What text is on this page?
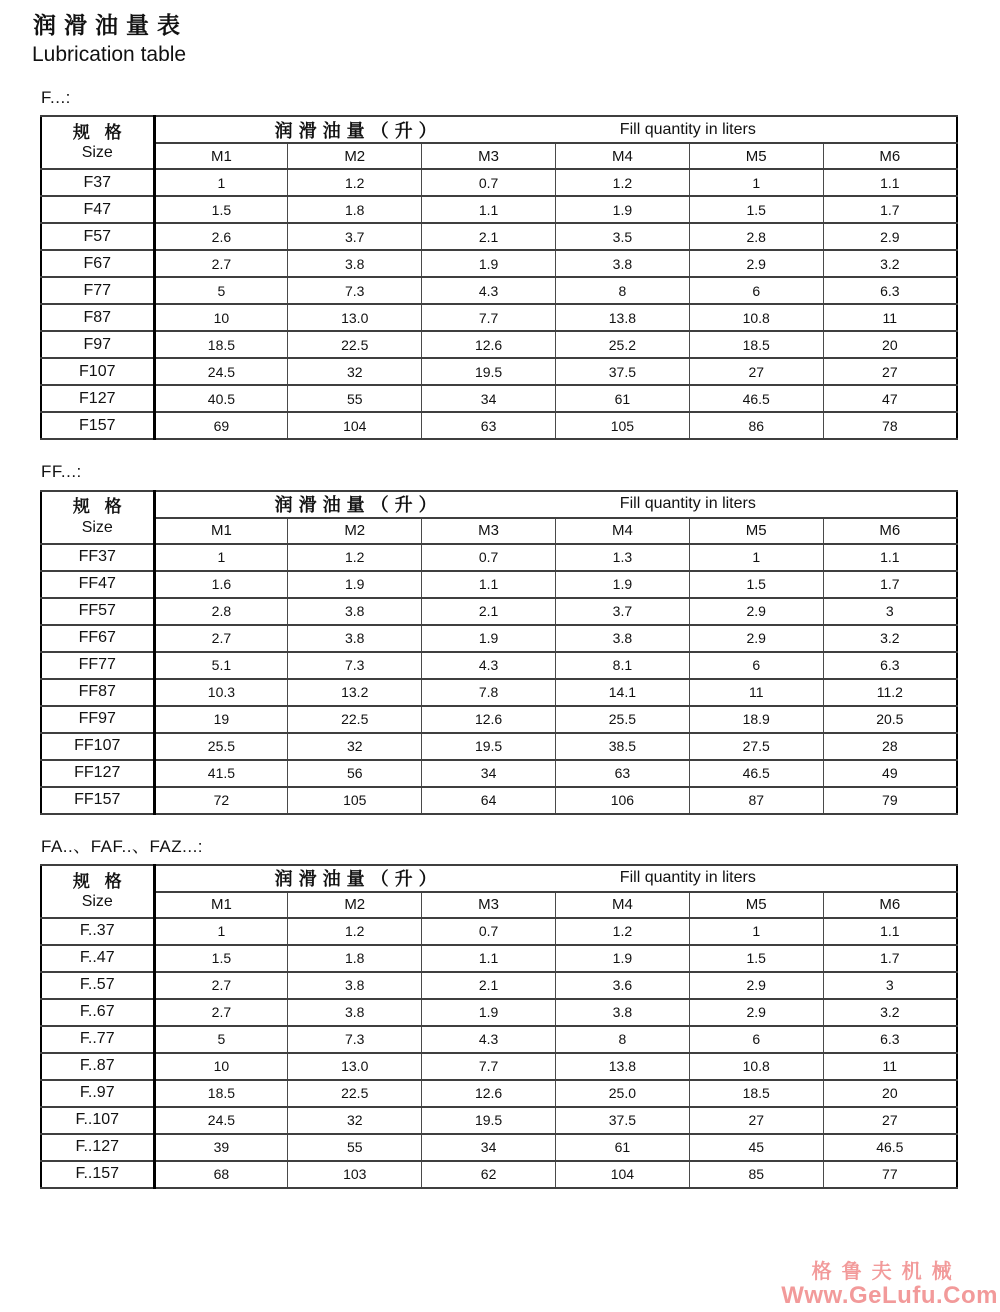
润滑油量表
Lubrication table
F...:
规 格
Size

润滑油量（升）	Fill quantity in liters

	M1	M2	M3	M4	M5	M6
F37	1	1.2	0.7	1.2	1	1.1
F47	1.5	1.8	1.1	1.9	1.5	1.7
F57	2.6	3.7	2.1	3.5	2.8	2.9
F67	2.7	3.8	1.9	3.8	2.9	3.2
F77	5	7.3	4.3	8	6	6.3
F87	10	13.0	7.7	13.8	10.8	11
F97	18.5	22.5	12.6	25.2	18.5	20
F107	24.5	32	19.5	37.5	27	27
F127	40.5	55	34	61	46.5	47
F157	69	104	63	105	86	78
FF...:
规 格
Size

润滑油量（升）	Fill quantity in liters

	M1	M2	M3	M4	M5	M6
FF37	1	1.2	0.7	1.3	1	1.1
FF47	1.6	1.9	1.1	1.9	1.5	1.7
FF57	2.8	3.8	2.1	3.7	2.9	3
FF67	2.7	3.8	1.9	3.8	2.9	3.2
FF77	5.1	7.3	4.3	8.1	6	6.3
FF87	10.3	13.2	7.8	14.1	11	11.2
FF97	19	22.5	12.6	25.5	18.9	20.5
FF107	25.5	32	19.5	38.5	27.5	28
FF127	41.5	56	34	63	46.5	49
FF157	72	105	64	106	87	79
FA..、FAF..、FAZ...:
规 格
Size

润滑油量（升）	Fill quantity in liters

	M1	M2	M3	M4	M5	M6
F..37	1	1.2	0.7	1.2	1	1.1
F..47	1.5	1.8	1.1	1.9	1.5	1.7
F..57	2.7	3.8	2.1	3.6	2.9	3
F..67	2.7	3.8	1.9	3.8	2.9	3.2
F..77	5	7.3	4.3	8	6	6.3
F..87	10	13.0	7.7	13.8	10.8	11
F..97	18.5	22.5	12.6	25.0	18.5	20
F..107	24.5	32	19.5	37.5	27	27
F..127	39	55	34	61	45	46.5
F..157	68	103	62	104	85	77
格鲁夫机械
Www.GeLufu.Com
